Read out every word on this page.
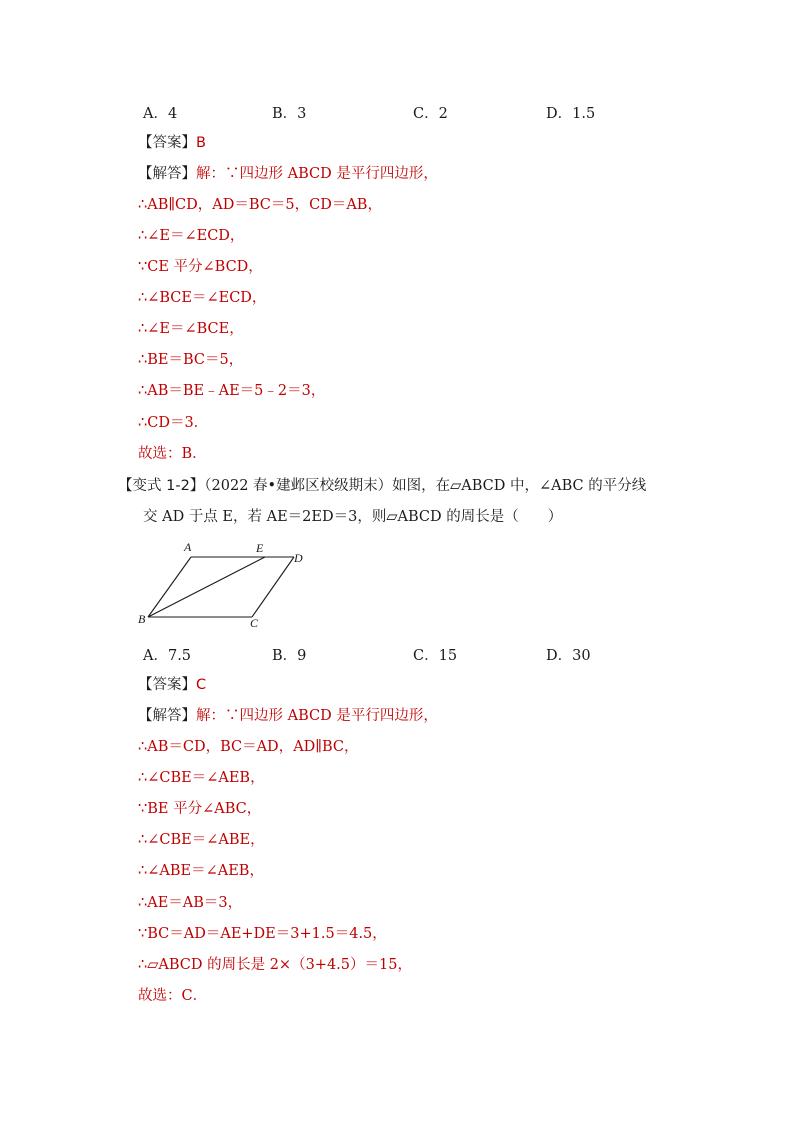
A．4	B．3	C．2	D．1.5
【答案】B
【解答】解：∵四边形 ABCD 是平行四边形，
∴AB∥CD，AD＝BC＝5，CD＝AB，
∴∠E＝∠ECD，
∵CE 平分∠BCD，
∴∠BCE＝∠ECD，
∴∠E＝∠BCE，
∴BE＝BC＝5，
∴AB＝BE﹣AE＝5﹣2＝3，
∴CD＝3．
故选：B．
【变式 1-2】（2022 春•建邺区校级期末）如图，在▱ABCD 中，∠ABC 的平分线
交 AD 于点 E，若 AE＝2ED＝3，则▱ABCD 的周长是（　　）
A	E
D
B	C
A．7.5	B．9	C．15	D．30
【答案】C
【解答】解：∵四边形 ABCD 是平行四边形，
∴AB＝CD，BC＝AD，AD∥BC，
∴∠CBE＝∠AEB，
∵BE 平分∠ABC，
∴∠CBE＝∠ABE，
∴∠ABE＝∠AEB，
∴AE＝AB＝3，
∵BC＝AD＝AE+DE＝3+1.5＝4.5，
∴▱ABCD 的周长是 2×（3+4.5）＝15，
故选：C．
